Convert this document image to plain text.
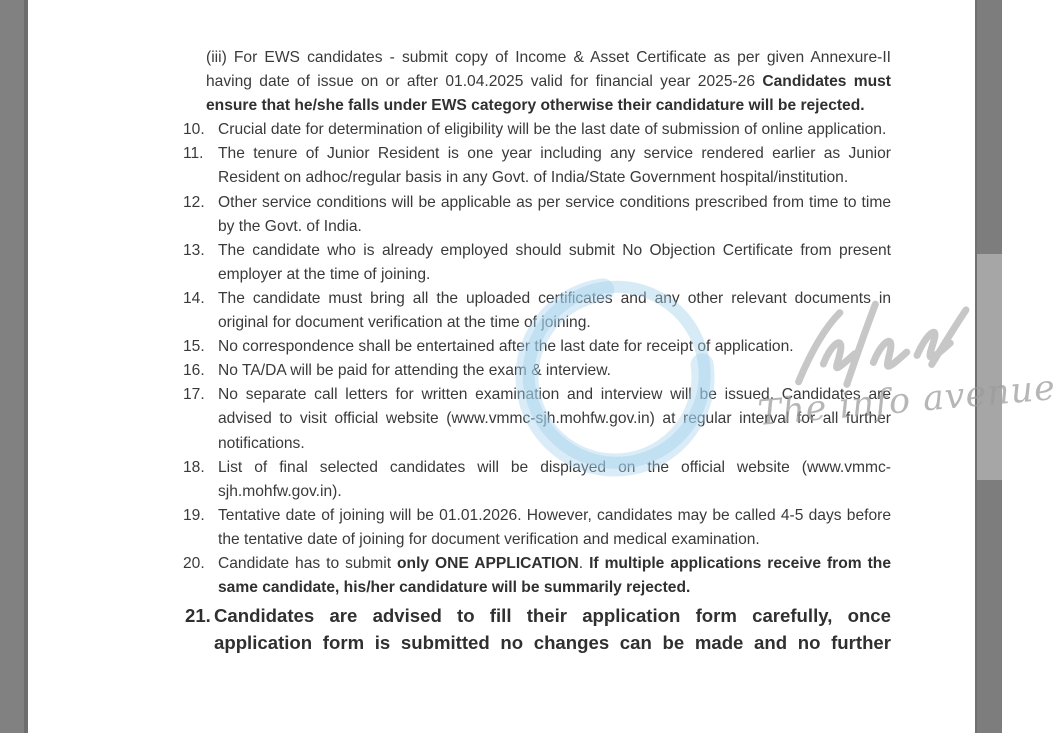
(iii) For EWS candidates - submit copy of Income & Asset Certificate as per given Annexure-II having date of issue on or after 01.04.2025 valid for financial year 2025-26 Candidates must ensure that he/she falls under EWS category otherwise their candidature will be rejected.
10. Crucial date for determination of eligibility will be the last date of submission of online application.
11. The tenure of Junior Resident is one year including any service rendered earlier as Junior Resident on adhoc/regular basis in any Govt. of India/State Government hospital/institution.
12. Other service conditions will be applicable as per service conditions prescribed from time to time by the Govt. of India.
13. The candidate who is already employed should submit No Objection Certificate from present employer at the time of joining.
14. The candidate must bring all the uploaded certificates and any other relevant documents in original for document verification at the time of joining.
15. No correspondence shall be entertained after the last date for receipt of application.
16. No TA/DA will be paid for attending the exam & interview.
17. No separate call letters for written examination and interview will be issued. Candidates are advised to visit official website (www.vmmc-sjh.mohfw.gov.in) at regular interval for all further notifications.
18. List of final selected candidates will be displayed on the official website (www.vmmc-sjh.mohfw.gov.in).
19. Tentative date of joining will be 01.01.2026. However, candidates may be called 4-5 days before the tentative date of joining for document verification and medical examination.
20. Candidate has to submit only ONE APPLICATION. If multiple applications receive from the same candidate, his/her candidature will be summarily rejected.
21. Candidates are advised to fill their application form carefully, once application form is submitted no changes can be made and no further
The info avenue
